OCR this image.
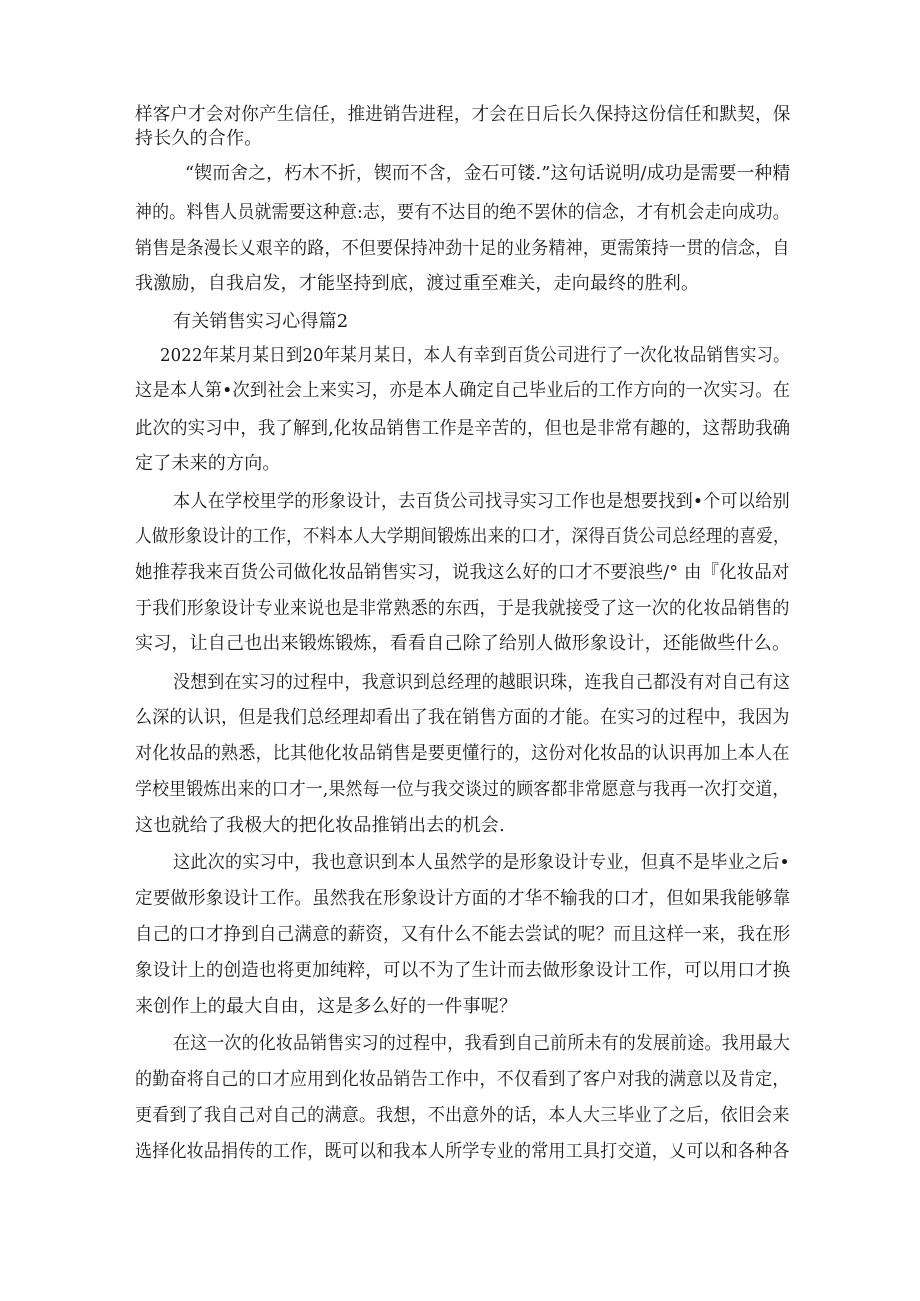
样客户才会对你产生信任，推进销告进程，才会在日后长久保持这份信任和默契，保
持长久的合作。
“锲而舍之，朽木不折，锲而不含，金石可镂.”这句话说明/成功是需要一种精
神的。料售人员就需要这种意:志，要有不达目的绝不罢休的信念，才有机会走向成功。
销售是条漫长乂艰辛的路，不但要保持冲劲十足的业务精神，更需策持一贯的信念，自
我激励，自我启发，才能坚持到底，渡过重至难关，走向最终的胜利。
有关销售实习心得篇2
2022年某月某日到20年某月某日，本人有幸到百货公司进行了一次化妆品销售实习。
这是本人第•次到社会上来实习，亦是本人确定自己毕业后的工作方向的一次实习。在
此次的实习中，我了解到,化妆品销售工作是辛苦的，但也是非常有趣的，这帮助我确
定了未来的方向。
本人在学校里学的形象设计，去百货公司找寻实习工作也是想要找到•个可以给别
人做形象设计的工作，不料本人大学期间锻炼出来的口才，深得百货公司总经理的喜爱，
她推荐我来百货公司做化妆品销售实习，说我这么好的口才不要浪些/° 由『化妆品对
于我们形象设计专业来说也是非常熟悉的东西，于是我就接受了这一次的化妆品销售的
实习，让自己也出来锻炼锻炼，看看自己除了给别人做形象设计，还能做些什么。
没想到在实习的过程中，我意识到总经理的越眼识珠，连我自己都没有对自己有这
么深的认识，但是我们总经理却看出了我在销售方面的才能。在实习的过程中，我因为
对化妆品的熟悉，比其他化妆品销售是要更懂行的，这份对化妆品的认识再加上本人在
学校里锻炼出来的口才一,果然每一位与我交谈过的顾客都非常愿意与我再一次打交道，
这也就给了我极大的把化妆品推销出去的机会.
这此次的实习中，我也意识到本人虽然学的是形象设计专业，但真不是毕业之后•
定要做形象设计工作。虽然我在形象设计方面的才华不输我的口才，但如果我能够靠
自己的口才挣到自己满意的薪资，又有什么不能去尝试的呢？而且这样一来，我在形
象设计上的创造也将更加纯粹，可以不为了生计而去做形象设计工作，可以用口才换
来创作上的最大自由，这是多么好的一件事呢？
在这一次的化妆品销售实习的过程中，我看到自己前所未有的发展前途。我用最大
的勤奋将自己的口才应用到化妆品销告工作中，不仅看到了客户对我的满意以及肯定，
更看到了我自己对自己的满意。我想，不出意外的话，本人大三毕业了之后，依旧会来
选择化妆品捐传的工作，既可以和我本人所学专业的常用工具打交道，乂可以和各种各
